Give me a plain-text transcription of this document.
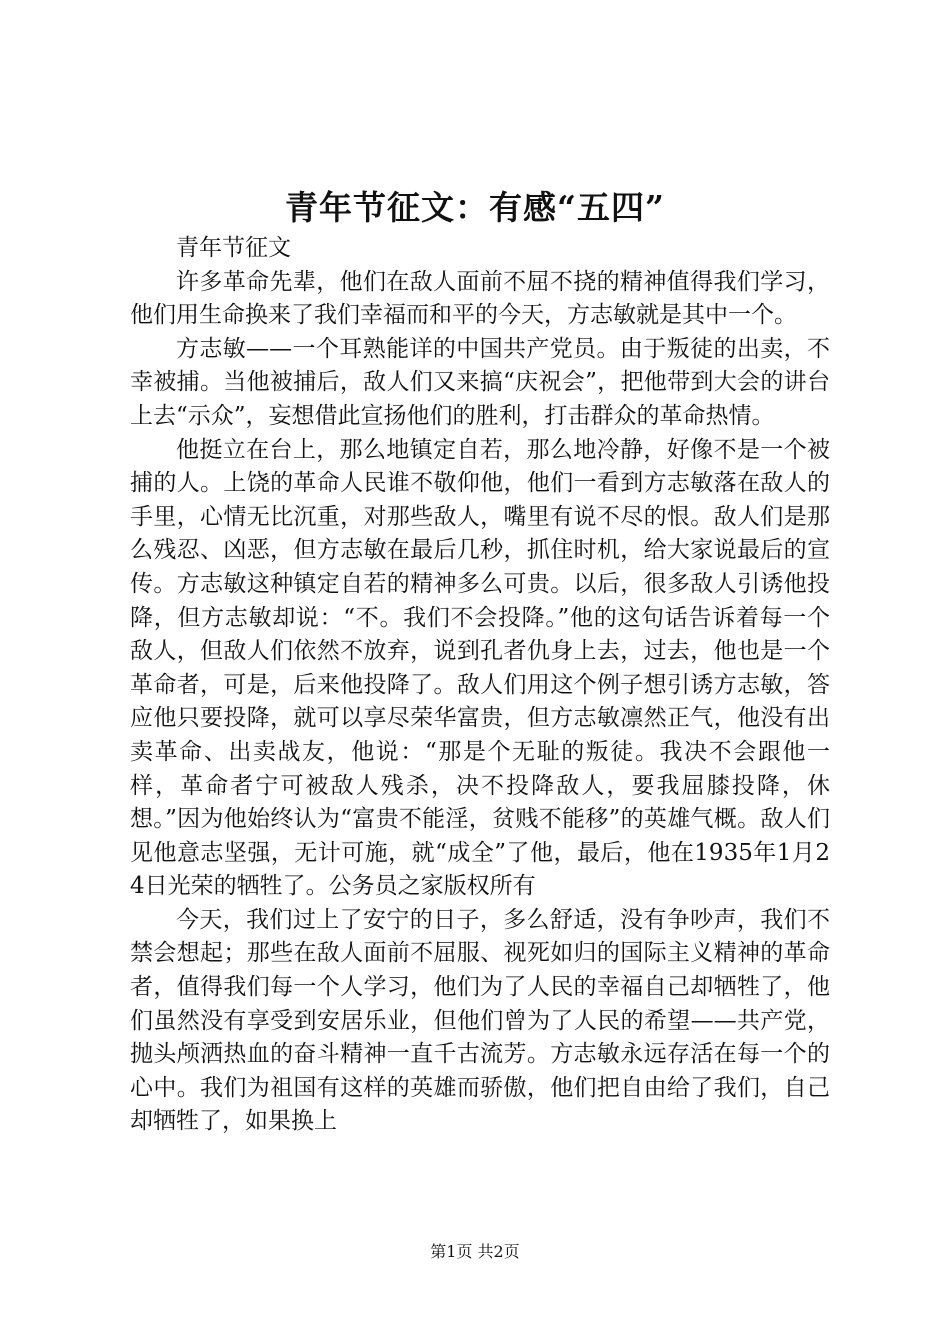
青年节征文：有感“五四”

青年节征文

许多革命先辈，他们在敌人面前不屈不挠的精神值得我们学习，他们用生命换来了我们幸福而和平的今天，方志敏就是其中一个。

方志敏——一个耳熟能详的中国共产党员。由于叛徒的出卖，不幸被捕。当他被捕后，敌人们又来搞“庆祝会”，把他带到大会的讲台上去“示众”，妄想借此宣扬他们的胜利，打击群众的革命热情。

他挺立在台上，那么地镇定自若，那么地冷静，好像不是一个被捕的人。上饶的革命人民谁不敬仰他，他们一看到方志敏落在敌人的手里，心情无比沉重，对那些敌人，嘴里有说不尽的恨。敌人们是那么残忍、凶恶，但方志敏在最后几秒，抓住时机，给大家说最后的宣传。方志敏这种镇定自若的精神多么可贵。以后，很多敌人引诱他投降，但方志敏却说：“不。我们不会投降。”他的这句话告诉着每一个敌人，但敌人们依然不放弃，说到孔者仇身上去，过去，他也是一个革命者，可是，后来他投降了。敌人们用这个例子想引诱方志敏，答应他只要投降，就可以享尽荣华富贵，但方志敏凛然正气，他没有出卖革命、出卖战友，他说：“那是个无耻的叛徒。我决不会跟他一样，革命者宁可被敌人残杀，决不投降敌人，要我屈膝投降，休想。”因为他始终认为“富贵不能淫，贫贱不能移”的英雄气概。敌人们见他意志坚强，无计可施，就“成全”了他，最后，他在1935年1月24日光荣的牺牲了。公务员之家版权所有

今天，我们过上了安宁的日子，多么舒适，没有争吵声，我们不禁会想起；那些在敌人面前不屈服、视死如归的国际主义精神的革命者，值得我们每一个人学习，他们为了人民的幸福自己却牺牲了，他们虽然没有享受到安居乐业，但他们曾为了人民的希望——共产党，抛头颅洒热血的奋斗精神一直千古流芳。方志敏永远存活在每一个的心中。我们为祖国有这样的英雄而骄傲，他们把自由给了我们，自己却牺牲了，如果换上

第1页 共2页
